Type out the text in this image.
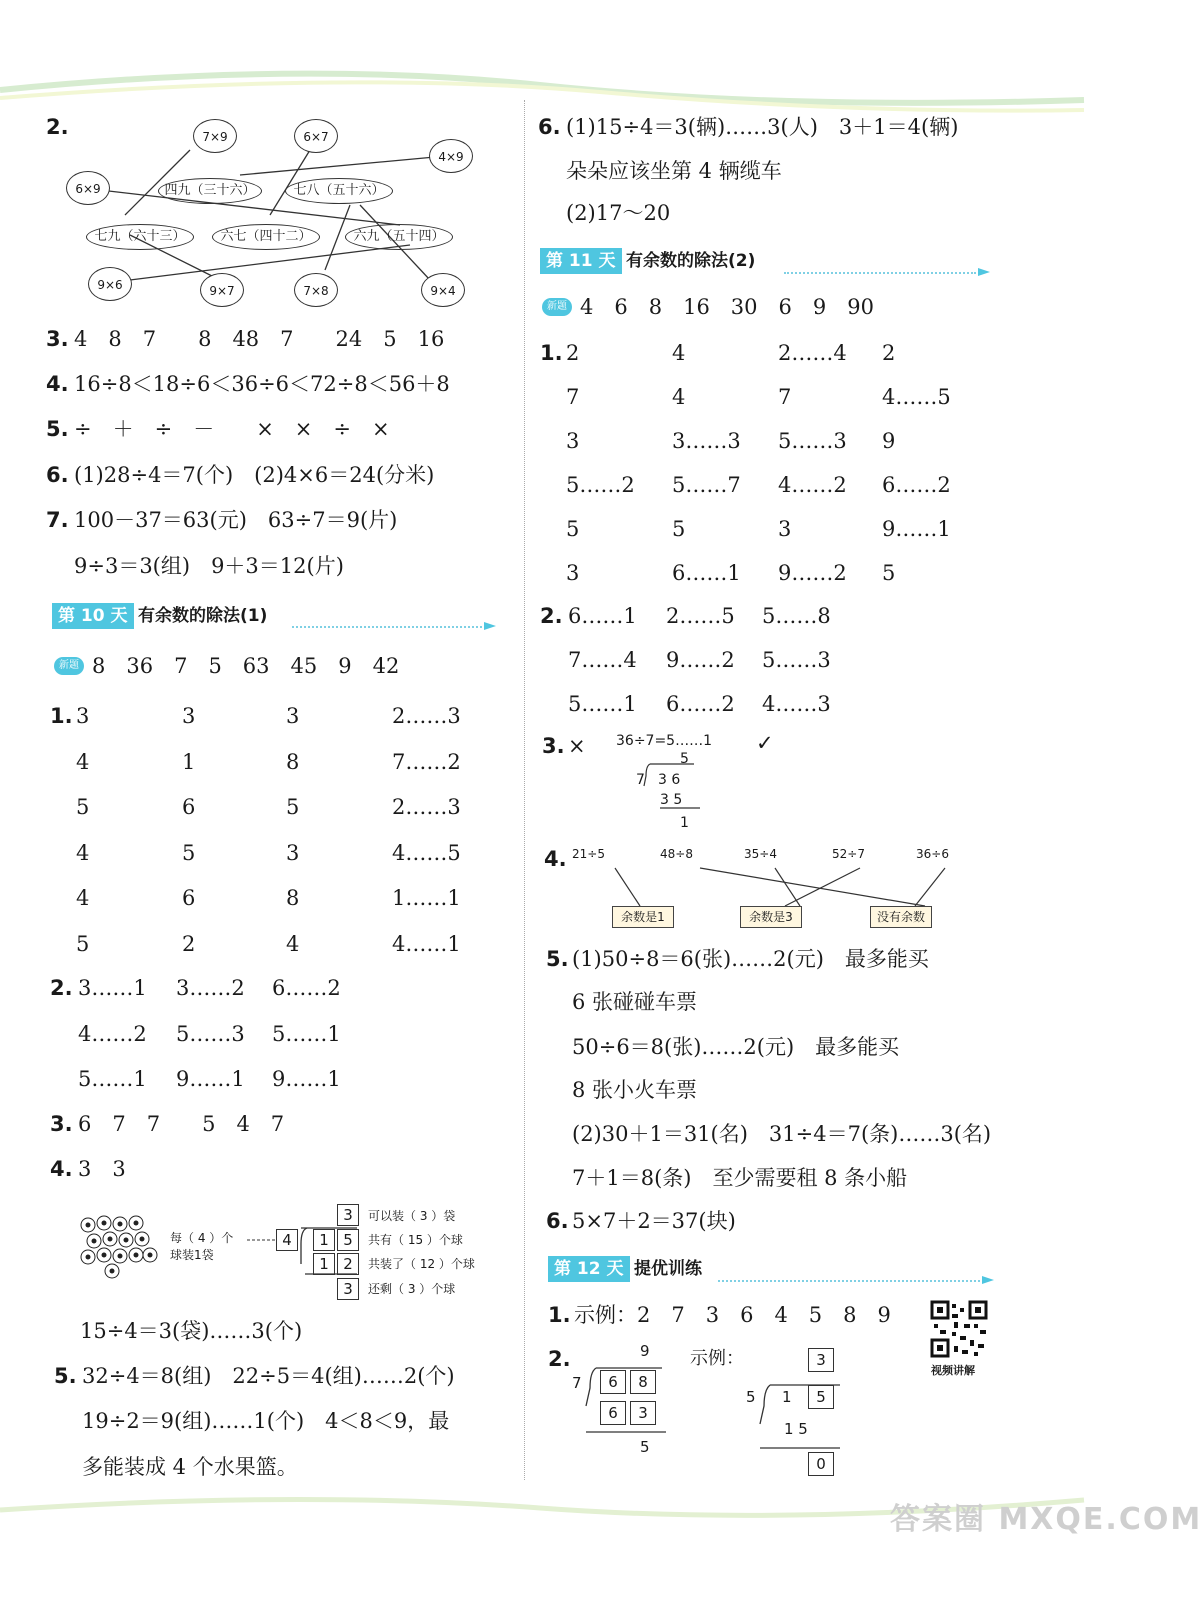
2.	7×9	6×7
4×9
6×9
9×6	9×7	7×8	9×4
四九（三十六）	七八（五十六）
七九（六十三）	六七（四十二）	六九（五十四）
3. 4　8　7　　8　48　7　　24　5　16
4. 16÷8＜18÷6＜36÷6＜72÷8＜56＋8
5. ÷　＋　÷　－　　×　×　÷　×
6. (1)28÷4＝7(个)　(2)4×6＝24(分米)
7. 100－37＝63(元)　63÷7＝9(片)
9÷3＝3(组)　9＋3＝12(片)
第 10 天 有余数的除法(1)
新题 8　36　7　5　63　45　9　42
1. 3	3	3	2……3
4	1	8	7……2
5	6	5	2……3
4	5	3	4……5
4	6	8	1……1
5	2	4	4……1
2. 3……1 3……2 6……2
4……2 5……3 5……1
5……1 9……1 9……1
3. 6　7　7　　5　4　7
4. 3　3
每（ 4 ）个
球装1袋
4
3
1 5
1 2
3
可以装（ 3 ）袋
共有（ 15 ）个球
共装了（ 12 ）个球
还剩（ 3 ）个球
15÷4＝3(袋)……3(个)
5. 32÷4＝8(组)　22÷5＝4(组)……2(个)
19÷2＝9(组)……1(个)　4＜8＜9，最
多能装成 4 个水果篮。
6. (1)15÷4＝3(辆)……3(人)　3＋1＝4(辆)
朵朵应该坐第 4 辆缆车
(2)17～20
第 11 天 有余数的除法(2)
新题 4　6　8　16　30　6　9　90
1. 2	4	2……4 2
7	4	7	4……5
3	3……3 5……3 9
5……2 5……7 4……2 6……2
5	5	3	9……1
3	6……1 9……2 5
2. 6……1 2……5 5……8
7……4 9……2 5……3
5……1 6……2 4……3
3. × 36÷7=5……1 ✓
5
7 3 6
3 5
1
4. 21÷5	48÷8	35÷4	52÷7	36÷6
余数是1	余数是3	没有余数
5. (1)50÷8＝6(张)……2(元)　最多能买
6 张碰碰车票
50÷6＝8(张)……2(元)　最多能买
8 张小火车票
(2)30＋1＝31(名)　31÷4＝7(条)……3(名)
7＋1＝8(条)　至少需要租 8 条小船
6. 5×7＋2＝37(块)
第 12 天 提优训练
1. 示例：2　7　3　6　4　5　8　9
视频讲解
2.	9
7	6	8
6	3
5
示例：	3
5 1	5
1 5
0
答案圈 MXQE.COM
